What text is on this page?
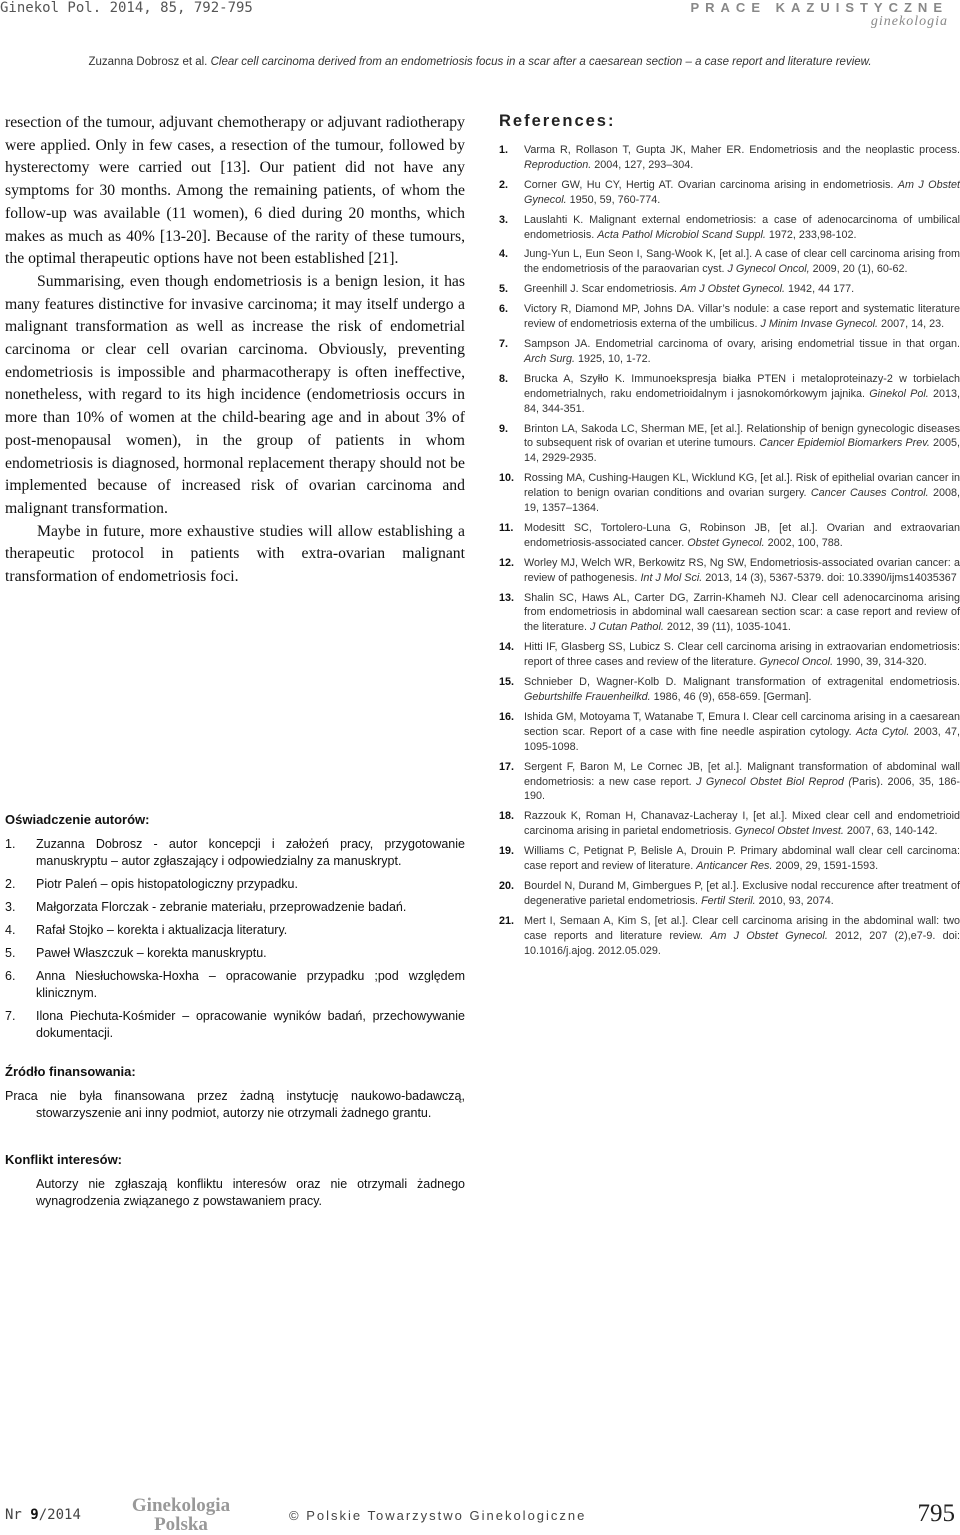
Ginekol Pol. 2014, 85, 792-795	PRACE KAZUISTYCZNE
ginekologia
Zuzanna Dobrosz et al. Clear cell carcinoma derived from an endometriosis focus in a scar after a caesarean section – a case report and literature review.

resection of the tumour, adjuvant chemotherapy or adjuvant radiotherapy were applied. Only in few cases, a resection of the tumour, followed by hysterectomy were carried out [13]. Our patient did not have any symptoms for 30 months. Among the remaining patients, of whom the follow-up was available (11 women), 6 died during 20 months, which makes as much as 40% [13-20]. Because of the rarity of these tumours, the optimal therapeutic options have not been established [21].

Summarising, even though endometriosis is a benign lesion, it has many features distinctive for invasive carcinoma; it may itself undergo a malignant transformation as well as increase the risk of endometrial carcinoma or clear cell ovarian carcinoma. Obviously, preventing endometriosis is impossible and pharmacotherapy is often ineffective, nonetheless, with regard to its high incidence (endometriosis occurs in more than 10% of women at the child-bearing age and in about 3% of post-menopausal women), in the group of patients in whom endometriosis is diagnosed, hormonal replacement therapy should not be implemented because of increased risk of ovarian carcinoma and malignant transformation.

Maybe in future, more exhaustive studies will allow establishing a therapeutic protocol in patients with extra-ovarian malignant transformation of endometriosis foci.

Oświadczenie autorów:
1. Zuzanna Dobrosz - autor koncepcji i założeń pracy, przygotowanie manuskryptu – autor zgłaszający i odpowiedzialny za manuskrypt.
2. Piotr Paleń – opis histopatologiczny przypadku.
3. Małgorzata Florczak - zebranie materiału, przeprowadzenie badań.
4. Rafał Stojko – korekta i aktualizacja literatury.
5. Paweł Właszczuk – korekta manuskryptu.
6. Anna Niesłuchowska-Hoxha – opracowanie przypadku ;pod względem klinicznym.
7. Ilona Piechuta-Kośmider – opracowanie wyników badań, przechowywanie dokumentacji.
Źródło finansowania:
Praca nie była finansowana przez żadną instytucję naukowo-badawczą, stowarzyszenie ani inny podmiot, autorzy nie otrzymali żadnego grantu.
Konflikt interesów:
Autorzy nie zgłaszają konfliktu interesów oraz nie otrzymali żadnego wynagrodzenia związanego z powstawaniem pracy.
References:
1. Varma R, Rollason T, Gupta JK, Maher ER. Endometriosis and the neoplastic process. Reproduction. 2004, 127, 293–304.
2. Corner GW, Hu CY, Hertig AT. Ovarian carcinoma arising in endometriosis. Am J Obstet Gynecol. 1950, 59, 760-774.
3. Lauslahti K. Malignant external endometriosis: a case of adenocarcinoma of umbilical endometriosis. Acta Pathol Microbiol Scand Suppl. 1972, 233,98-102.
4. Jung-Yun L, Eun Seon I, Sang-Wook K, [et al.]. A case of clear cell carcinoma arising from the endometriosis of the paraovarian cyst. J Gynecol Oncol, 2009, 20 (1), 60-62.
5. Greenhill J. Scar endometriosis. Am J Obstet Gynecol. 1942, 44 177.
6. Victory R, Diamond MP, Johns DA. Villar’s nodule: a case report and systematic literature review of endometriosis externa of the umbilicus. J Minim Invase Gynecol. 2007, 14, 23.
7. Sampson JA. Endometrial carcinoma of ovary, arising endometrial tissue in that organ. Arch Surg. 1925, 10, 1-72.
8. Brucka A, Szyłło K. Immunoekspresja białka PTEN i metaloproteinazy-2 w torbielach endometrialnych, raku endometrioidalnym i jasnokomórkowym jajnika. Ginekol Pol. 2013, 84, 344-351.
9. Brinton LA, Sakoda LC, Sherman ME, [et al.]. Relationship of benign gynecologic diseases to subsequent risk of ovarian et uterine tumours. Cancer Epidemiol Biomarkers Prev. 2005, 14, 2929-2935.
10. Rossing MA, Cushing-Haugen KL, Wicklund KG, [et al.]. Risk of epithelial ovarian cancer in relation to benign ovarian conditions and ovarian surgery. Cancer Causes Control. 2008, 19, 1357–1364.
11. Modesitt SC, Tortolero-Luna G, Robinson JB, [et al.]. Ovarian and extraovarian endometriosis-associated cancer. Obstet Gynecol. 2002, 100, 788.
12. Worley MJ, Welch WR, Berkowitz RS, Ng SW, Endometriosis-associated ovarian cancer: a review of pathogenesis. Int J Mol Sci. 2013, 14 (3), 5367-5379. doi: 10.3390/ijms14035367
13. Shalin SC, Haws AL, Carter DG, Zarrin-Khameh NJ. Clear cell adenocarcinoma arising from endometriosis in abdominal wall caesarean section scar: a case report and review of the literature. J Cutan Pathol. 2012, 39 (11), 1035-1041.
14. Hitti IF, Glasberg SS, Lubicz S. Clear cell carcinoma arising in extraovarian endometriosis: report of three cases and review of the literature. Gynecol Oncol. 1990, 39, 314-320.
15. Schnieber D, Wagner-Kolb D. Malignant transformation of extragenital endometriosis. Geburtshilfe Frauenheilkd. 1986, 46 (9), 658-659. [German].
16. Ishida GM, Motoyama T, Watanabe T, Emura I. Clear cell carcinoma arising in a caesarean section scar. Report of a case with fine needle aspiration cytology. Acta Cytol. 2003, 47, 1095-1098.
17. Sergent F, Baron M, Le Cornec JB, [et al.]. Malignant transformation of abdominal wall endometriosis: a new case report. J Gynecol Obstet Biol Reprod (Paris). 2006, 35, 186-190.
18. Razzouk K, Roman H, Chanavaz-Lacheray I, [et al.]. Mixed clear cell and endometrioid carcinoma arising in parietal endometriosis. Gynecol Obstet Invest. 2007, 63, 140-142.
19. Williams C, Petignat P, Belisle A, Drouin P. Primary abdominal wall clear cell carcinoma: case report and review of literature. Anticancer Res. 2009, 29, 1591-1593.
20. Bourdel N, Durand M, Gimbergues P, [et al.]. Exclusive nodal reccurence after treatment of degenerative parietal endometriosis. Fertil Steril. 2010, 93, 2074.
21. Mert I, Semaan A, Kim S, [et al.]. Clear cell carcinoma arising in the abdominal wall: two case reports and literature review. Am J Obstet Gynecol. 2012, 207 (2),e7-9. doi: 10.1016/j.ajog. 2012.05.029.
Nr 9/2014	Ginekologia
Polska	© Polskie Towarzystwo Ginekologiczne	795
